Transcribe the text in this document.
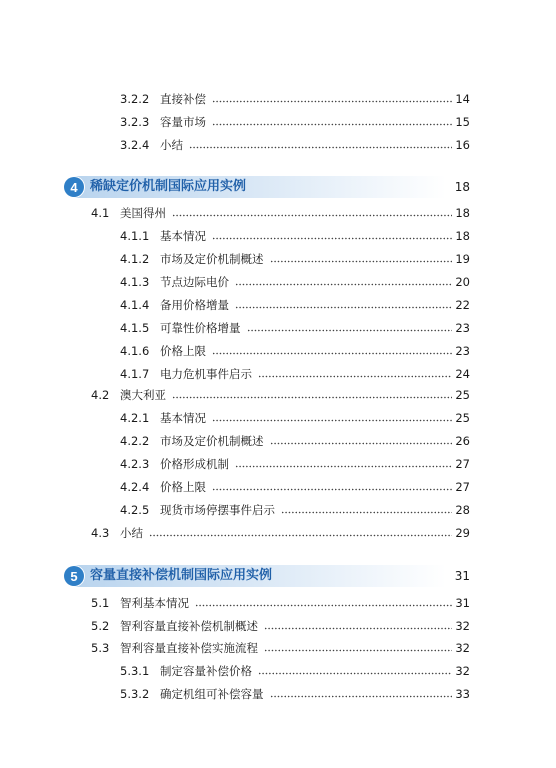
3.2.2 直接补偿	14
3.2.3 容量市场	15
3.2.4 小结	16
4 稀缺定价机制国际应用实例	18
4.1 美国得州	18
4.1.1 基本情况	18
4.1.2 市场及定价机制概述	19
4.1.3 节点边际电价	20
4.1.4 备用价格增量	22
4.1.5 可靠性价格增量	23
4.1.6 价格上限	23
4.1.7 电力危机事件启示	24
4.2 澳大利亚	25
4.2.1 基本情况	25
4.2.2 市场及定价机制概述	26
4.2.3 价格形成机制	27
4.2.4 价格上限	27
4.2.5 现货市场停摆事件启示	28
4.3 小结	29
5 容量直接补偿机制国际应用实例	31
5.1 智利基本情况	31
5.2 智利容量直接补偿机制概述	32
5.3 智利容量直接补偿实施流程	32
5.3.1 制定容量补偿价格	32
5.3.2 确定机组可补偿容量	33
